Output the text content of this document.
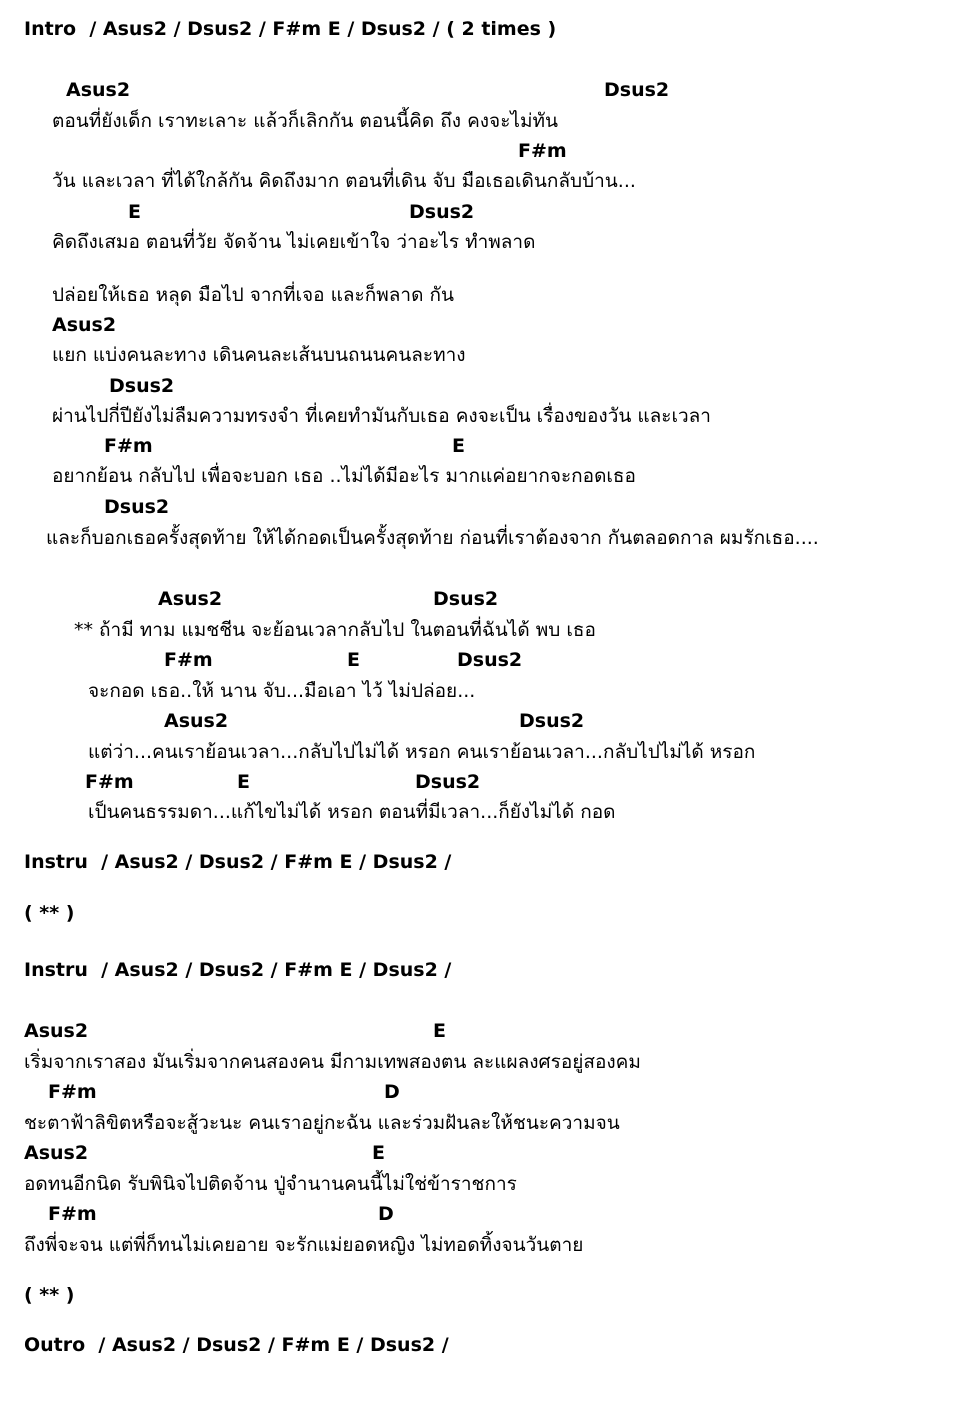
Intro  / Asus2 / Dsus2 / F#m E / Dsus2 / ( 2 times )
Asus2	Dsus2
ตอนที่ยังเด็ก เราทะเลาะ แล้วก็เลิกกัน ตอนนี้คิด ถึง คงจะไม่ทัน
F#m
วัน และเวลา ที่ได้ใกล้กัน คิดถึงมาก ตอนที่เดิน จับ มือเธอเดินกลับบ้าน...
E	Dsus2
คิดถึงเสมอ ตอนที่วัย จัดจ้าน ไม่เคยเข้าใจ ว่าอะไร ทำพลาด
ปล่อยให้เธอ หลุด มือไป จากที่เจอ และก็พลาด กัน
Asus2
แยก แบ่งคนละทาง เดินคนละเส้นบนถนนคนละทาง
Dsus2
ผ่านไปกี่ปียังไม่ลืมความทรงจำ ที่เคยทำมันกับเธอ คงจะเป็น เรื่องของวัน และเวลา
F#m	E
อยากย้อน กลับไป เพื่อจะบอก เธอ ..ไม่ได้มีอะไร มากแค่อยากจะกอดเธอ
Dsus2
และก็บอกเธอครั้งสุดท้าย ให้ได้กอดเป็นครั้งสุดท้าย ก่อนที่เราต้องจาก กันตลอดกาล ผมรักเธอ....
Asus2	Dsus2
** ถ้ามี ทาม แมชชีน จะย้อนเวลากลับไป ในตอนที่ฉันได้ พบ เธอ
F#m	E	Dsus2
จะกอด เธอ..ให้ นาน จับ...มือเอา ไว้ ไม่ปล่อย...
Asus2	Dsus2
แต่ว่า...คนเราย้อนเวลา...กลับไปไม่ได้ หรอก คนเราย้อนเวลา...กลับไปไม่ได้ หรอก
F#m	E	Dsus2
เป็นคนธรรมดา...แก้ไขไม่ได้ หรอก ตอนที่มีเวลา...ก็ยังไม่ได้ กอด
Instru  / Asus2 / Dsus2 / F#m E / Dsus2 /
( ** )
Instru  / Asus2 / Dsus2 / F#m E / Dsus2 /
Asus2	E
เริ่มจากเราสอง มันเริ่มจากคนสองคน มีกามเทพสองตน ละแผลงศรอยู่สองคม
F#m	D
ชะตาฟ้าลิขิตหรือจะสู้วะนะ คนเราอยู่กะฉัน และร่วมฝันละให้ชนะความจน
Asus2	E
อดทนอีกนิด รับพินิจไปติดจ้าน ปู่จำนานคนนี้ไม่ใช่ข้าราชการ
F#m	D
ถึงพี่จะจน แต่พี่ก็ทนไม่เคยอาย จะรักแม่ยอดหญิง ไม่ทอดทิ้งจนวันตาย
( ** )
Outro  / Asus2 / Dsus2 / F#m E / Dsus2 /
